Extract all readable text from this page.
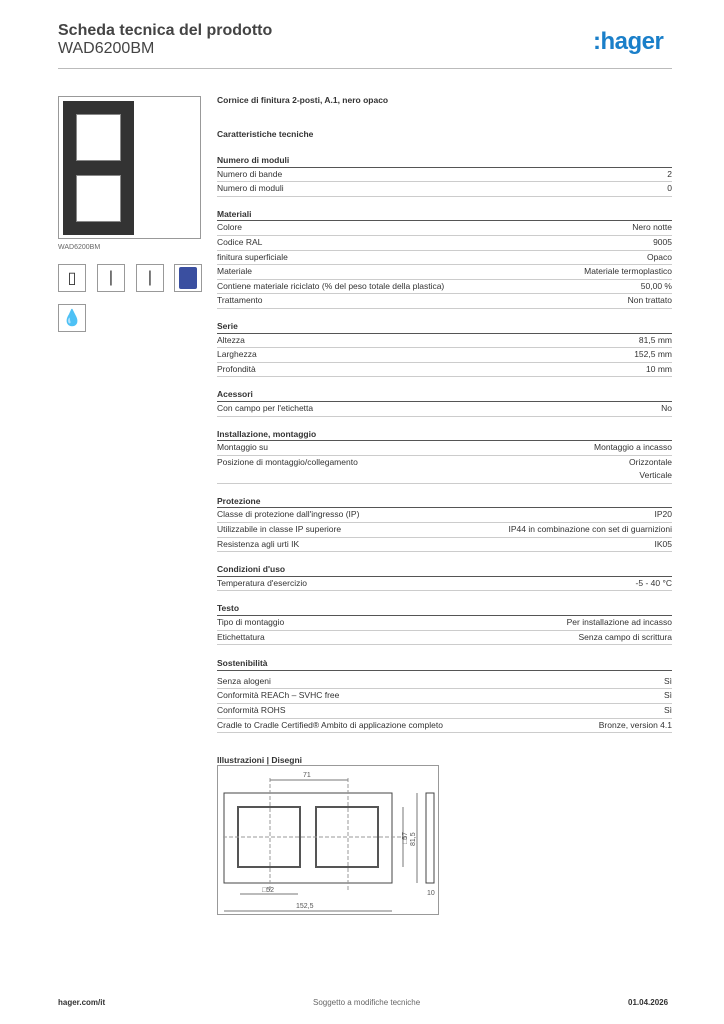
Scheda tecnica del prodotto
WAD6200BM	:hager
WAD6200BM
▯	|	|
💧
Cornice di finitura 2-posti, A.1, nero opaco
Caratteristiche tecniche
Numero di moduli
Numero di bande	2
Numero di moduli	0
Materiali
Colore	Nero notte
Codice RAL	9005
finitura superficiale	Opaco
Materiale	Materiale termoplastico
Contiene materiale riciclato (% del peso totale della plastica)	50,00 %
Trattamento	Non trattato
Serie
Altezza	81,5 mm
Larghezza	152,5 mm
Profondità	10 mm
Acessori
Con campo per l'etichetta	No
Installazione, montaggio
Montaggio su	Montaggio a incasso
Posizione di montaggio/collegamento	Orizzontale
Verticale
Protezione
Classe di protezione dall'ingresso (IP)	IP20
Utilizzabile in classe IP superiore	IP44 in combinazione con set di guarnizioni
Resistenza agli urti IK	IK05
Condizioni d'uso
Temperatura d'esercizio	-5 - 40 °C
Testo
Tipo di montaggio	Per installazione ad incasso
Etichettatura	Senza campo di scrittura
Sostenibilità
Senza alogeni	Sì
Conformità REACh – SVHC free	Sì
Conformità ROHS	Sì
Cradle to Cradle Certified® Ambito di applicazione completo	Bronze, version 4.1
Illustrazioni | Disegni
71
□52
152,5
□57 81,5
10
hager.com/it	Soggetto a modifiche tecniche	01.04.2026
